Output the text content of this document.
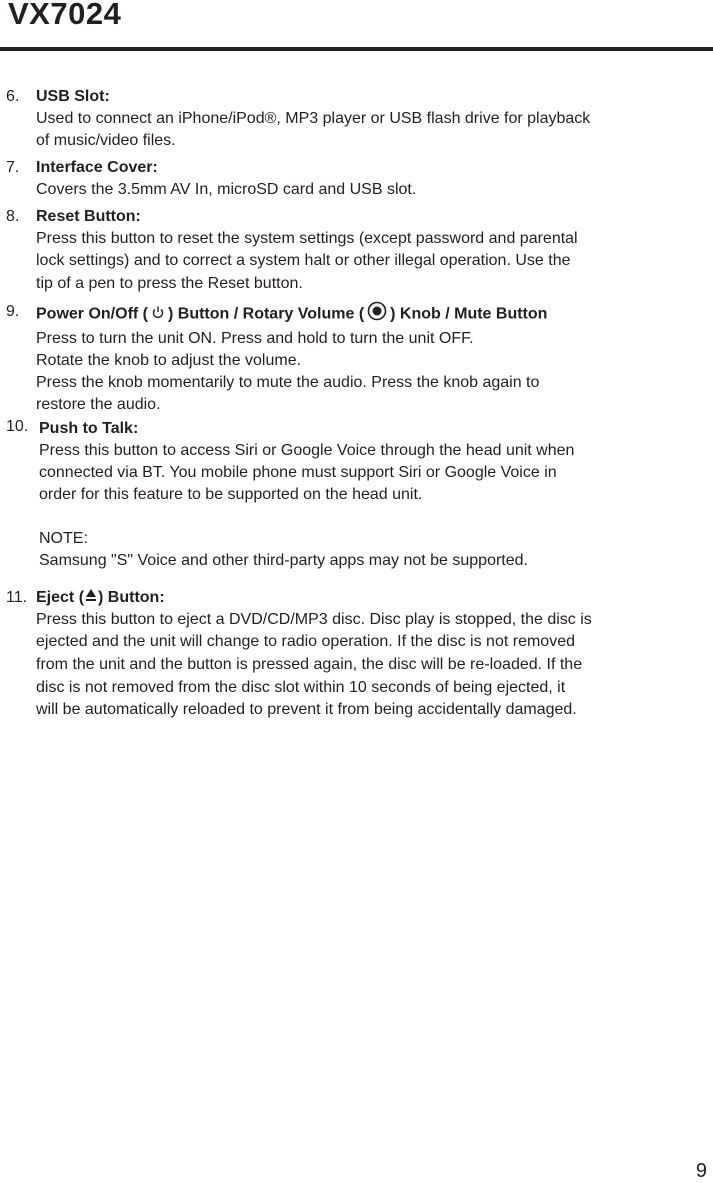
VX7024
6. USB Slot:
Used to connect an iPhone/iPod®, MP3 player or USB flash drive for playback
of music/video files.
7. Interface Cover:
Covers the 3.5mm AV In, microSD card and USB slot.
8. Reset Button:
Press this button to reset the system settings (except password and parental
lock settings) and to correct a system halt or other illegal operation. Use the
tip of a pen to press the Reset button.
9. Power On/Off ( ) Button / Rotary Volume ( ) Knob / Mute Button
Press to turn the unit ON. Press and hold to turn the unit OFF.
Rotate the knob to adjust the volume.
Press the knob momentarily to mute the audio. Press the knob again to
restore the audio.
10. Push to Talk:
Press this button to access Siri or Google Voice through the head unit when
connected via BT. You mobile phone must support Siri or Google Voice in
order for this feature to be supported on the head unit.
NOTE:
Samsung "S" Voice and other third-party apps may not be supported.
11. Eject ( ) Button:
Press this button to eject a DVD/CD/MP3 disc. Disc play is stopped, the disc is
ejected and the unit will change to radio operation. If the disc is not removed
from the unit and the button is pressed again, the disc will be re-loaded. If the
disc is not removed from the disc slot within 10 seconds of being ejected, it
will be automatically reloaded to prevent it from being accidentally damaged.
9
